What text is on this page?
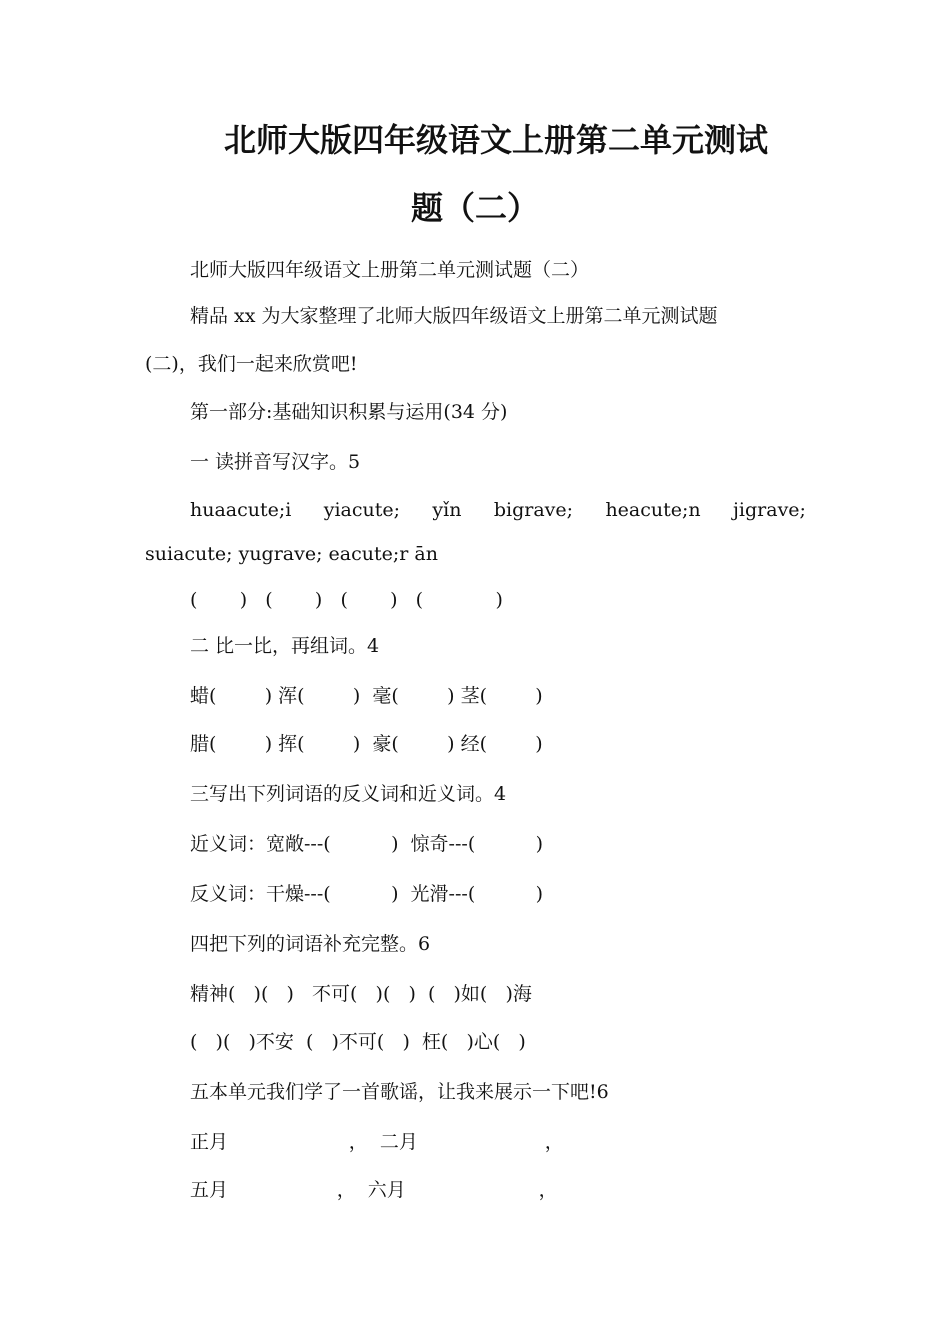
北师大版四年级语文上册第二单元测试
题（二）
北师大版四年级语文上册第二单元测试题（二）
精品 xx 为大家整理了北师大版四年级语文上册第二单元测试题
(二)，我们一起来欣赏吧!
第一部分:基础知识积累与运用(34 分)
一 读拼音写汉字。5
huaacute;i yiacute; yǐn bigrave; heacute;n jigrave;
suiacute; yugrave; eacute;r ān
(       )   (       )   (       )   (            )
二 比一比，再组词。4
蜡(        ) 浑(        )  毫(        ) 茎(        )
腊(        ) 挥(        )  豪(        ) 经(        )
三写出下列词语的反义词和近义词。4
近义词：宽敞---(          )  惊奇---(          )
反义词：干燥---(          )  光滑---(          )
四把下列的词语补充完整。6
精神(   )(   )   不可(   )(   )  (   )如(   )海
(   )(   )不安  (   )不可(   )  枉(   )心(   )
五本单元我们学了一首歌谣，让我来展示一下吧!6
正月                    ，  二月                     ，
五月                  ，  六月                      ，
